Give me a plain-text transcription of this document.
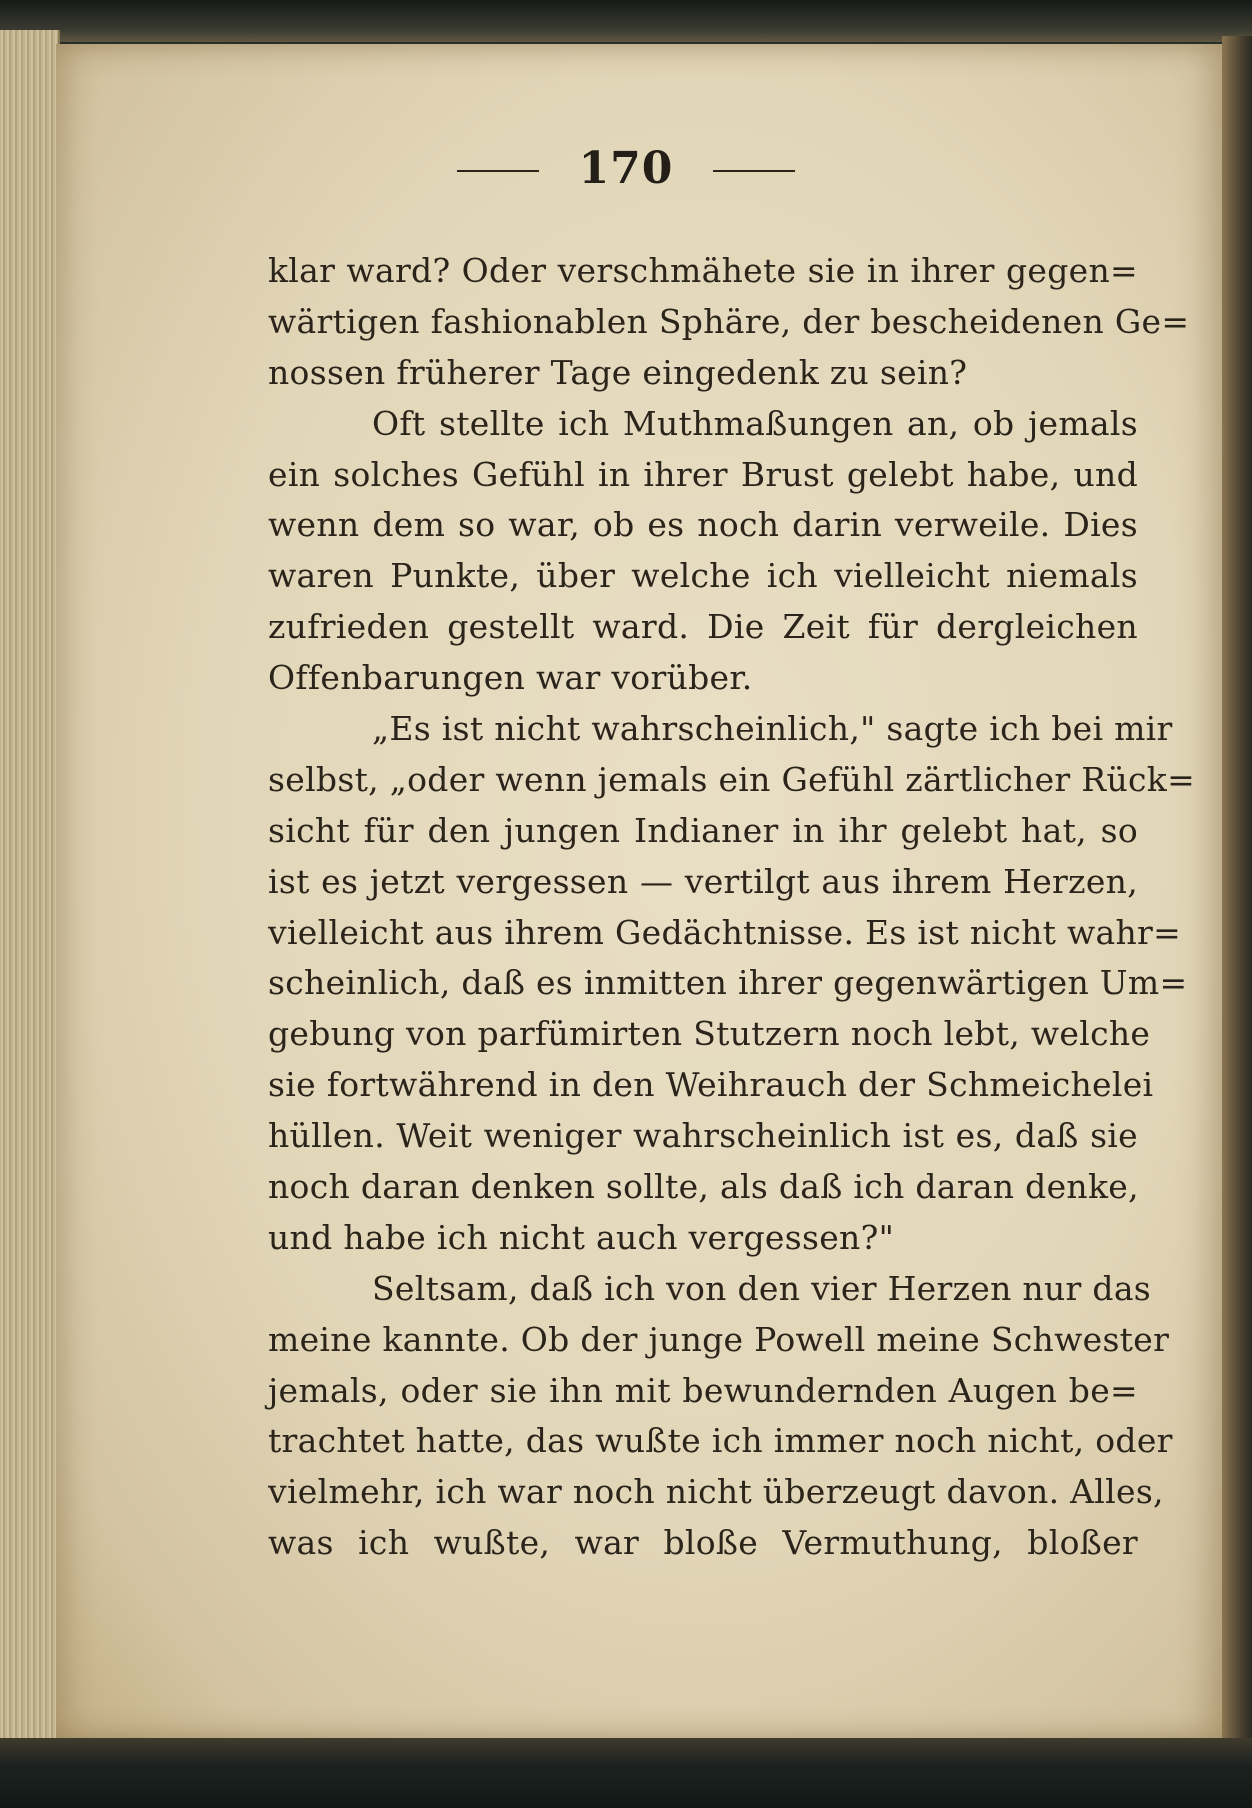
170
klar ward? Oder verschmähete sie in ihrer gegen=
wärtigen fashionablen Sphäre, der bescheidenen Ge=
nossen früherer Tage eingedenk zu sein?
Oft stellte ich Muthmaßungen an, ob jemals
ein solches Gefühl in ihrer Brust gelebt habe, und
wenn dem so war, ob es noch darin verweile. Dies
waren Punkte, über welche ich vielleicht niemals
zufrieden gestellt ward. Die Zeit für dergleichen
Offenbarungen war vorüber.
„Es ist nicht wahrscheinlich," sagte ich bei mir
selbst, „oder wenn jemals ein Gefühl zärtlicher Rück=
sicht für den jungen Indianer in ihr gelebt hat, so
ist es jetzt vergessen — vertilgt aus ihrem Herzen,
vielleicht aus ihrem Gedächtnisse. Es ist nicht wahr=
scheinlich, daß es inmitten ihrer gegenwärtigen Um=
gebung von parfümirten Stutzern noch lebt, welche
sie fortwährend in den Weihrauch der Schmeichelei
hüllen. Weit weniger wahrscheinlich ist es, daß sie
noch daran denken sollte, als daß ich daran denke,
und habe ich nicht auch vergessen?"
Seltsam, daß ich von den vier Herzen nur das
meine kannte. Ob der junge Powell meine Schwester
jemals, oder sie ihn mit bewundernden Augen be=
trachtet hatte, das wußte ich immer noch nicht, oder
vielmehr, ich war noch nicht überzeugt davon. Alles,
was ich wußte, war bloße Vermuthung, bloßer
